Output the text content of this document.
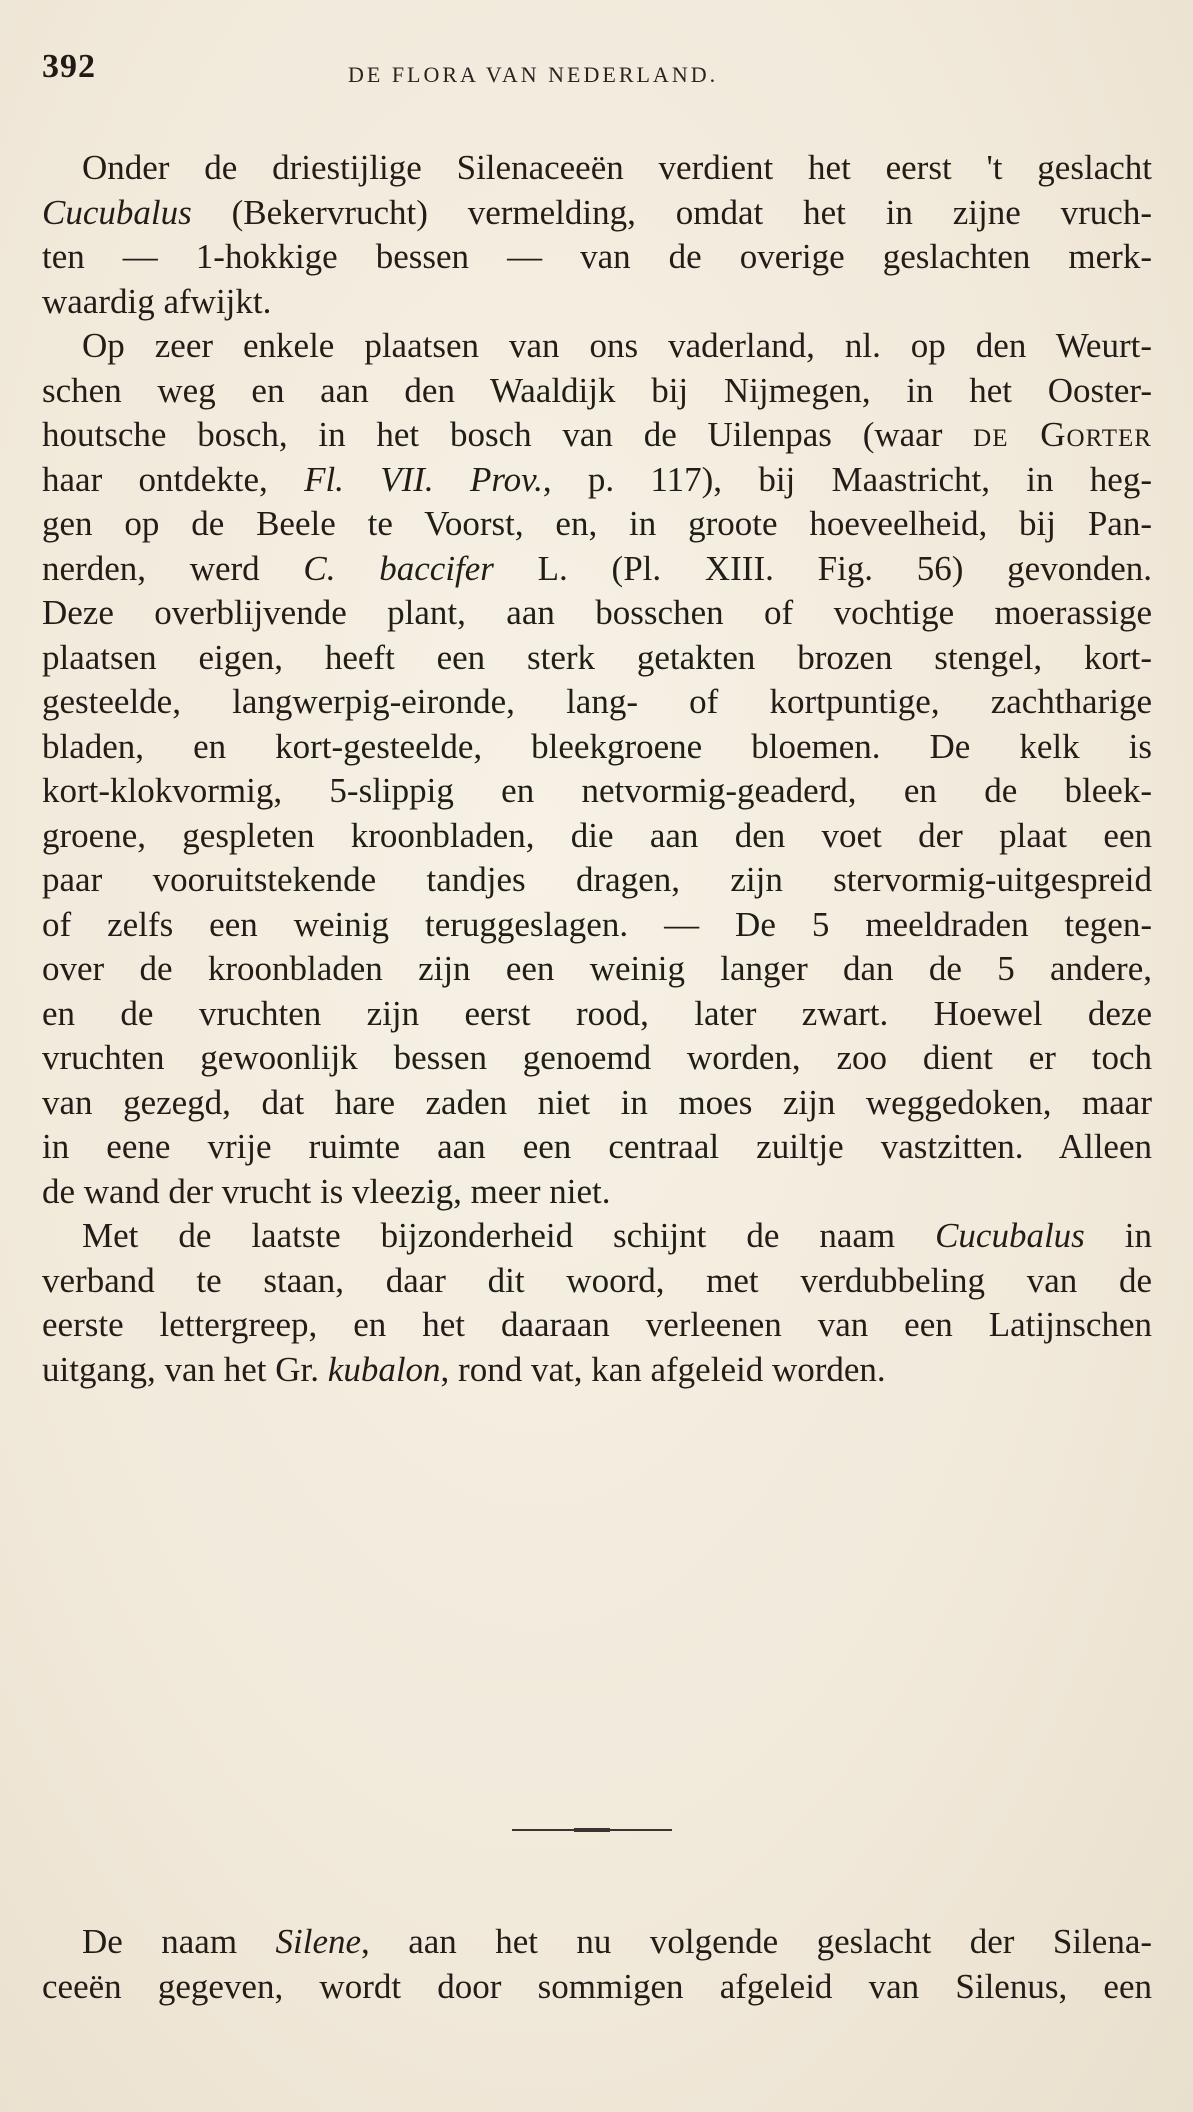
392	DE FLORA VAN NEDERLAND.
Onder de driestijlige Silenaceeën verdient het eerst 't geslacht
Cucubalus (Bekervrucht) vermelding, omdat het in zijne vruch-
ten — 1-hokkige bessen — van de overige geslachten merk-
waardig afwijkt.
Op zeer enkele plaatsen van ons vaderland, nl. op den Weurt-
schen weg en aan den Waaldijk bij Nijmegen, in het Ooster-
houtsche bosch, in het bosch van de Uilenpas (waar de Gorter
haar ontdekte, Fl. VII. Prov., p. 117), bij Maastricht, in heg-
gen op de Beele te Voorst, en, in groote hoeveelheid, bij Pan-
nerden, werd C. baccifer L. (Pl. XIII. Fig. 56) gevonden.
Deze overblijvende plant, aan bosschen of vochtige moerassige
plaatsen eigen, heeft een sterk getakten brozen stengel, kort-
gesteelde, langwerpig-eironde, lang- of kortpuntige, zachtharige
bladen, en kort-gesteelde, bleekgroene bloemen. De kelk is
kort-klokvormig, 5-slippig en netvormig-geaderd, en de bleek-
groene, gespleten kroonbladen, die aan den voet der plaat een
paar vooruitstekende tandjes dragen, zijn stervormig-uitgespreid
of zelfs een weinig teruggeslagen. — De 5 meeldraden tegen-
over de kroonbladen zijn een weinig langer dan de 5 andere,
en de vruchten zijn eerst rood, later zwart. Hoewel deze
vruchten gewoonlijk bessen genoemd worden, zoo dient er toch
van gezegd, dat hare zaden niet in moes zijn weggedoken, maar
in eene vrije ruimte aan een centraal zuiltje vastzitten. Alleen
de wand der vrucht is vleezig, meer niet.
Met de laatste bijzonderheid schijnt de naam Cucubalus in
verband te staan, daar dit woord, met verdubbeling van de
eerste lettergreep, en het daaraan verleenen van een Latijnschen
uitgang, van het Gr. kubalon, rond vat, kan afgeleid worden.
De naam Silene, aan het nu volgende geslacht der Silena-
ceeën gegeven, wordt door sommigen afgeleid van Silenus, een
